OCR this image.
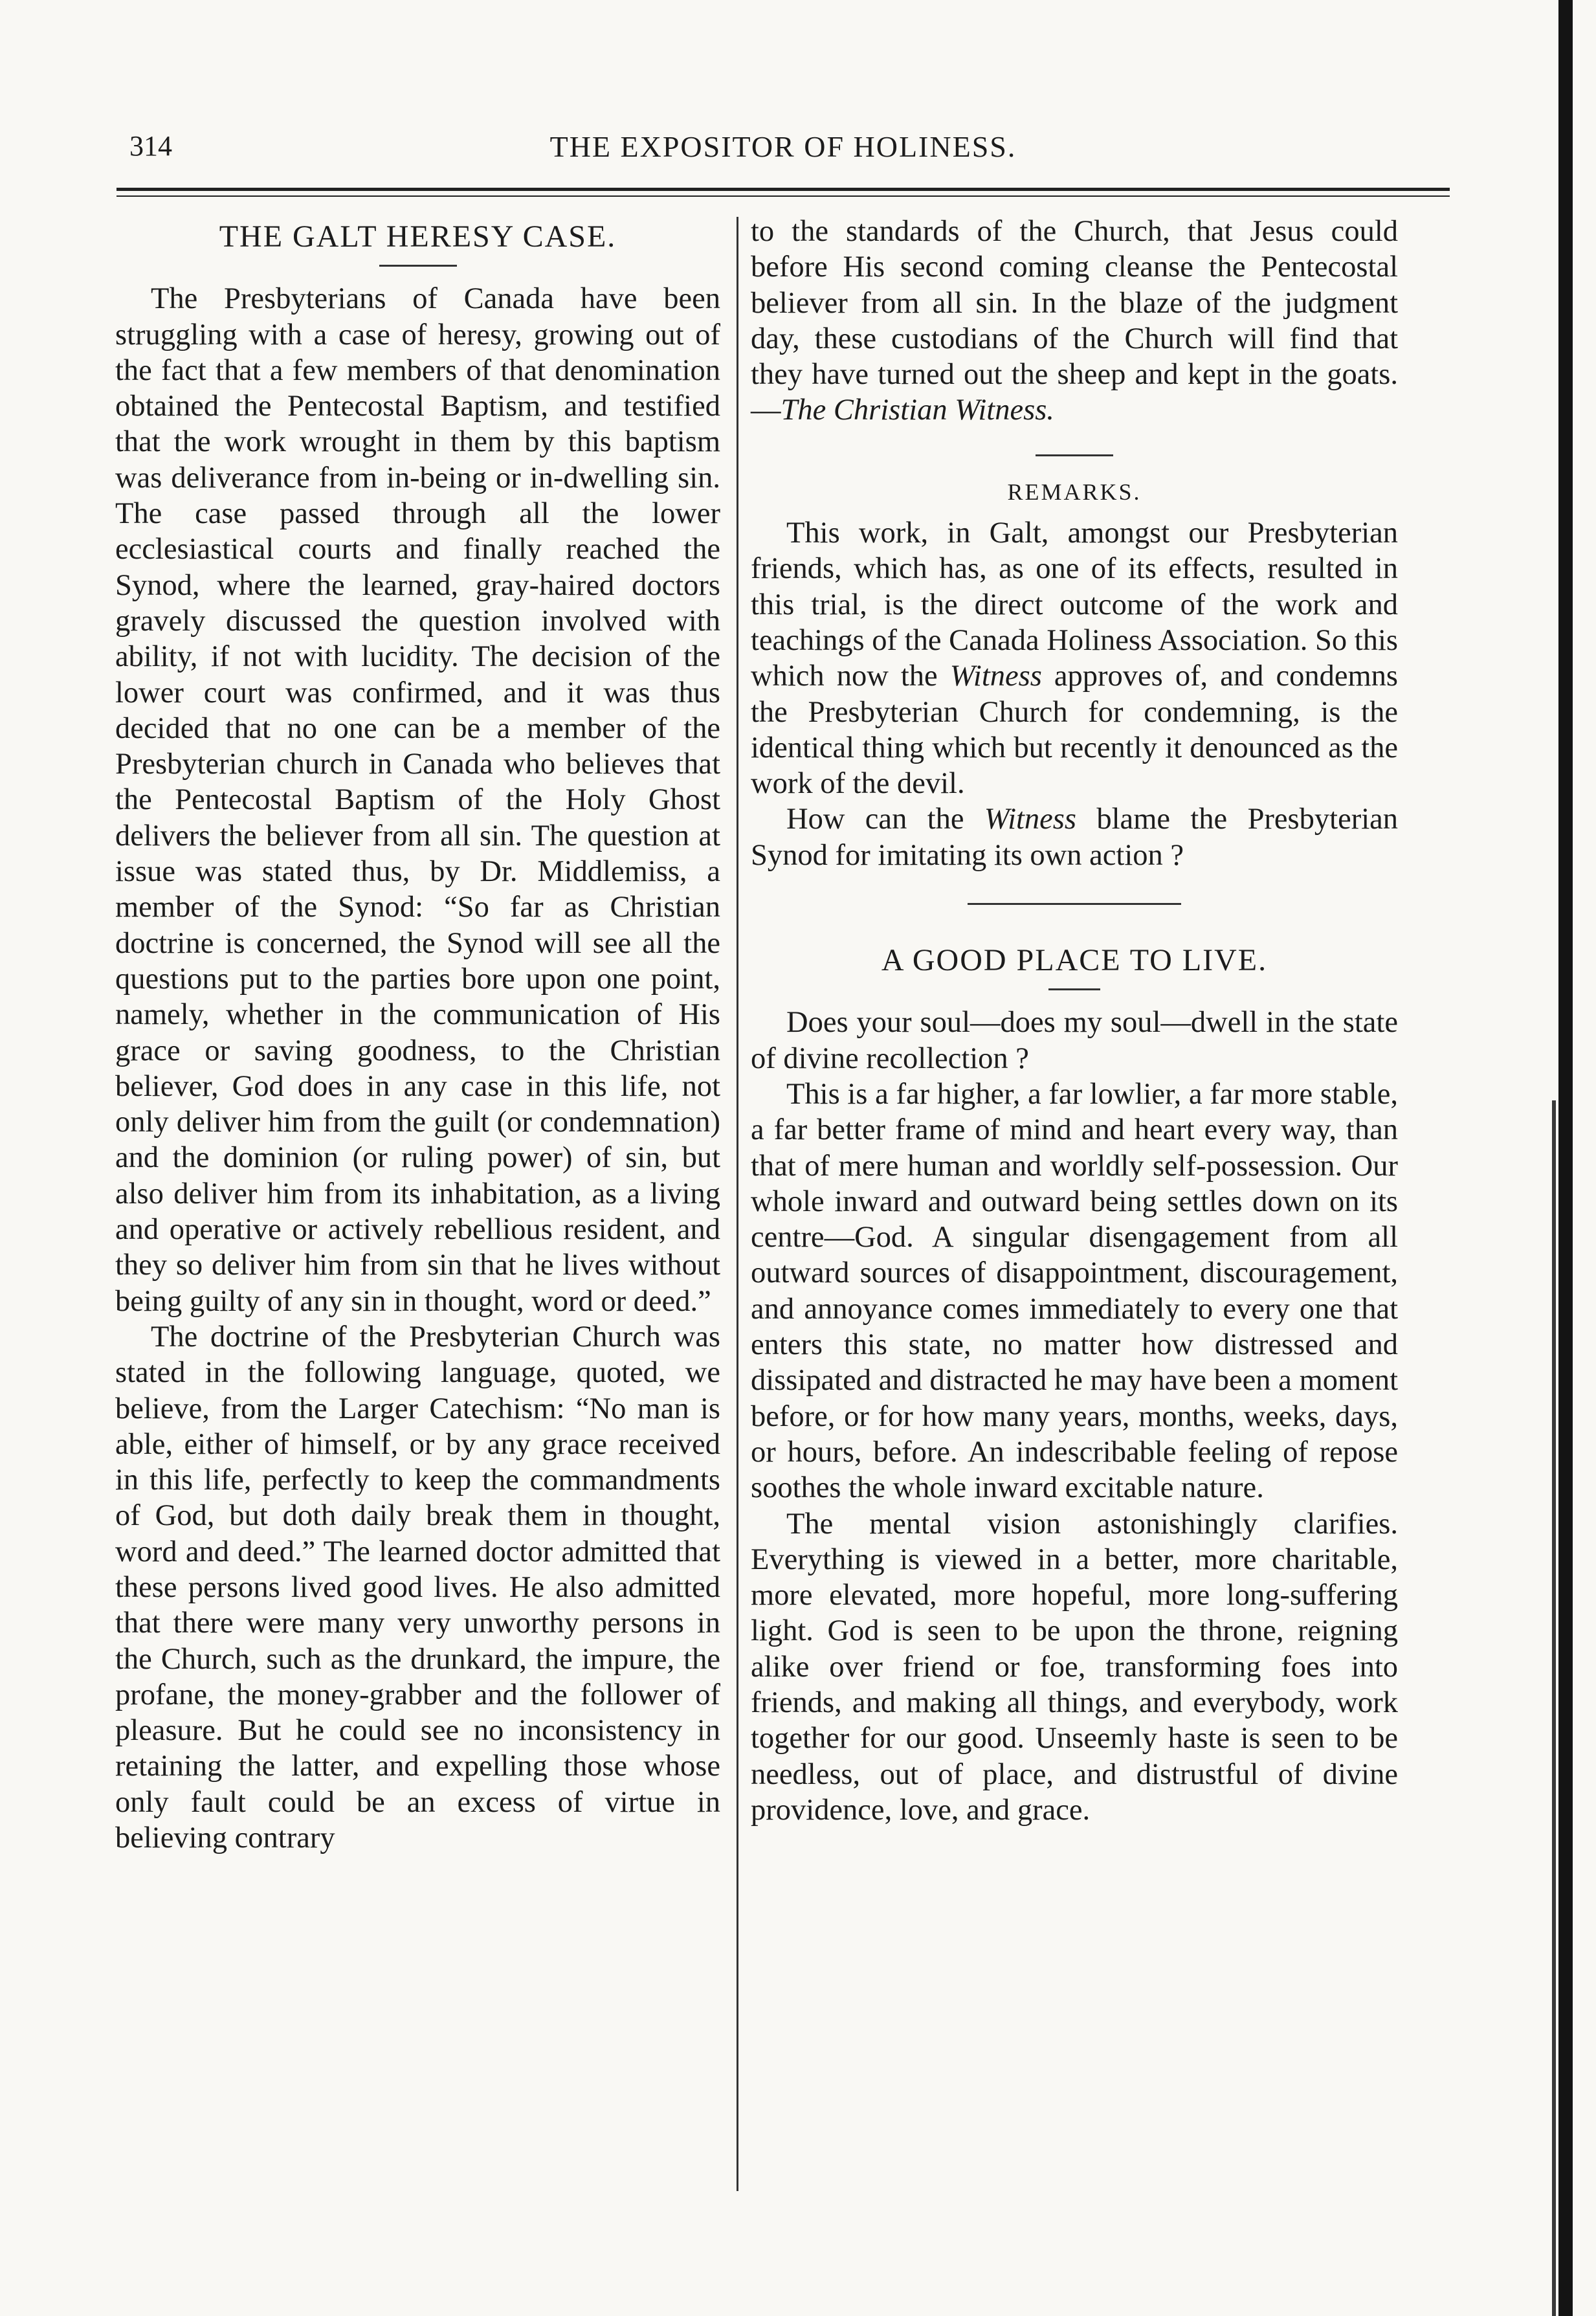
314	THE EXPOSITOR OF HOLINESS.
THE GALT HERESY CASE.

The Presbyterians of Canada have been struggling with a case of heresy, growing out of the fact that a few members of that denomination obtained the Pentecostal Baptism, and testified that the work wrought in them by this baptism was deliverance from in-being or in-dwelling sin. The case passed through all the lower ecclesiastical courts and finally reached the Synod, where the learned, gray-haired doctors gravely discussed the question involved with ability, if not with lucidity. The decision of the lower court was confirmed, and it was thus decided that no one can be a member of the Presbyterian church in Canada who believes that the Pentecostal Baptism of the Holy Ghost delivers the believer from all sin. The question at issue was stated thus, by Dr. Middlemiss, a member of the Synod: “So far as Christian doctrine is concerned, the Synod will see all the questions put to the parties bore upon one point, namely, whether in the communication of His grace or saving goodness, to the Christian believer, God does in any case in this life, not only deliver him from the guilt (or condemnation) and the dominion (or ruling power) of sin, but also deliver him from its inhabitation, as a living and operative or actively rebellious resident, and they so deliver him from sin that he lives without being guilty of any sin in thought, word or deed.”

The doctrine of the Presbyterian Church was stated in the following language, quoted, we believe, from the Larger Catechism: “No man is able, either of himself, or by any grace received in this life, perfectly to keep the commandments of God, but doth daily break them in thought, word and deed.” The learned doctor admitted that these persons lived good lives. He also admitted that there were many very unworthy persons in the Church, such as the drunkard, the impure, the profane, the money-grabber and the follower of pleasure. But he could see no inconsistency in retaining the latter, and expelling those whose only fault could be an excess of virtue in believing contrary

to the standards of the Church, that Jesus could before His second coming cleanse the Pentecostal believer from all sin. In the blaze of the judgment day, these custodians of the Church will find that they have turned out the sheep and kept in the goats.—The Christian Witness.

REMARKS.

This work, in Galt, amongst our Presbyterian friends, which has, as one of its effects, resulted in this trial, is the direct outcome of the work and teachings of the Canada Holiness Association. So this which now the Witness approves of, and condemns the Presbyterian Church for condemning, is the identical thing which but recently it denounced as the work of the devil.

How can the Witness blame the Presbyterian Synod for imitating its own action ?

A GOOD PLACE TO LIVE.

Does your soul—does my soul—dwell in the state of divine recollection ?

This is a far higher, a far lowlier, a far more stable, a far better frame of mind and heart every way, than that of mere human and worldly self-possession. Our whole inward and outward being settles down on its centre—God. A singular disengagement from all outward sources of disappointment, discouragement, and annoyance comes immediately to every one that enters this state, no matter how distressed and dissipated and distracted he may have been a moment before, or for how many years, months, weeks, days, or hours, before. An indescribable feeling of repose soothes the whole inward excitable nature.

The mental vision astonishingly clarifies. Everything is viewed in a better, more charitable, more elevated, more hopeful, more long-suffering light. God is seen to be upon the throne, reigning alike over friend or foe, transforming foes into friends, and making all things, and everybody, work together for our good. Unseemly haste is seen to be needless, out of place, and distrustful of divine providence, love, and grace.
